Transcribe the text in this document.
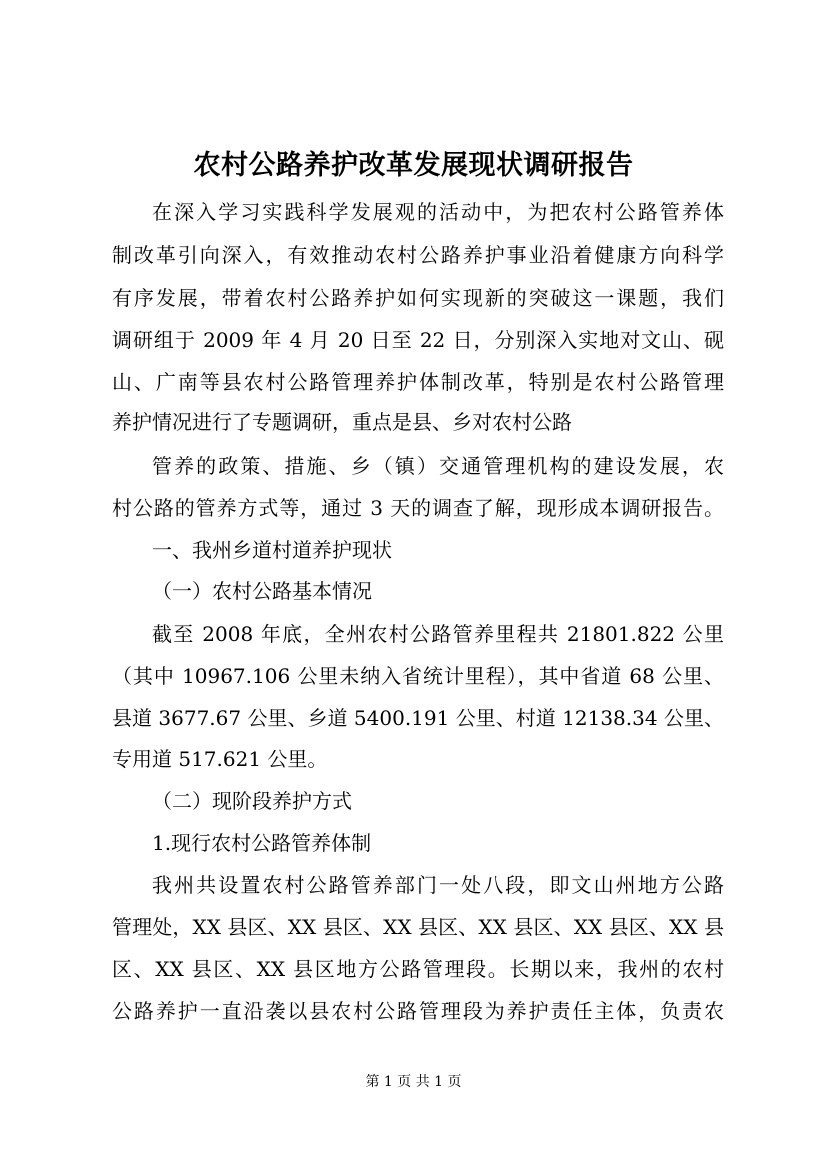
农村公路养护改革发展现状调研报告
在深入学习实践科学发展观的活动中，为把农村公路管养体
制改革引向深入，有效推动农村公路养护事业沿着健康方向科学
有序发展，带着农村公路养护如何实现新的突破这一课题，我们
调研组于 2009 年 4 月 20 日至 22 日，分别深入实地对文山、砚
山、广南等县农村公路管理养护体制改革，特别是农村公路管理
养护情况进行了专题调研，重点是县、乡对农村公路
管养的政策、措施、乡（镇）交通管理机构的建设发展，农
村公路的管养方式等，通过 3 天的调查了解，现形成本调研报告。
一、我州乡道村道养护现状
（一）农村公路基本情况
截至 2008 年底，全州农村公路管养里程共 21801.822 公里
（其中 10967.106 公里未纳入省统计里程），其中省道 68 公里、
县道 3677.67 公里、乡道 5400.191 公里、村道 12138.34 公里、
专用道 517.621 公里。
（二）现阶段养护方式
1.现行农村公路管养体制
我州共设置农村公路管养部门一处八段，即文山州地方公路
管理处，XX 县区、XX 县区、XX 县区、XX 县区、XX 县区、XX 县
区、XX 县区、XX 县区地方公路管理段。长期以来，我州的农村
公路养护一直沿袭以县农村公路管理段为养护责任主体，负责农
第 1 页 共 1 页
